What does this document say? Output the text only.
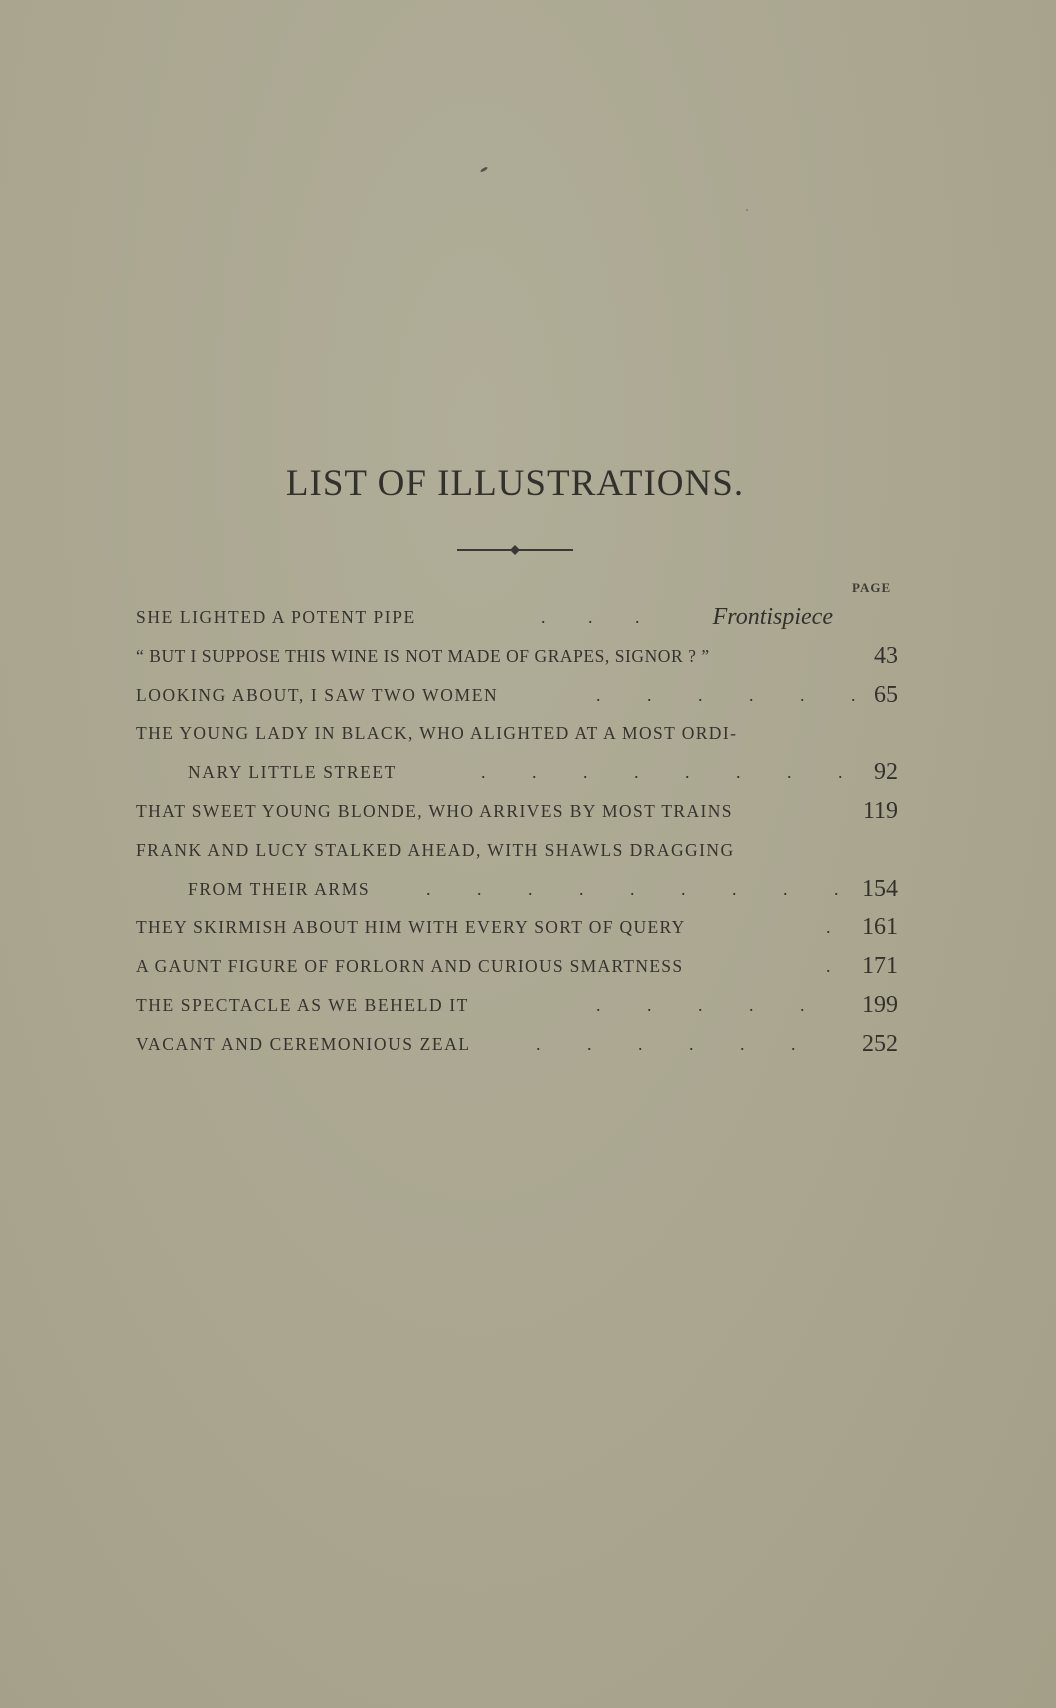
LIST OF ILLUSTRATIONS.
PAGE
SHE LIGHTED A POTENT PIPE	. . .	Frontispiece
“ BUT I SUPPOSE THIS WINE IS NOT MADE OF GRAPES, SIGNOR ? ”	43
LOOKING ABOUT, I SAW TWO WOMEN	. . . . . . 65
THE YOUNG LADY IN BLACK, WHO ALIGHTED AT A MOST ORDI-
NARY LITTLE STREET	. . . . . . . . 92
THAT SWEET YOUNG BLONDE, WHO ARRIVES BY MOST TRAINS	119
FRANK AND LUCY STALKED AHEAD, WITH SHAWLS DRAGGING
FROM THEIR ARMS	. . . . . . . . . 154
THEY SKIRMISH ABOUT HIM WITH EVERY SORT OF QUERY	. 161
A GAUNT FIGURE OF FORLORN AND CURIOUS SMARTNESS	. 171
THE SPECTACLE AS WE BEHELD IT	. . . . . 199
VACANT AND CEREMONIOUS ZEAL	. . . . . .	252
